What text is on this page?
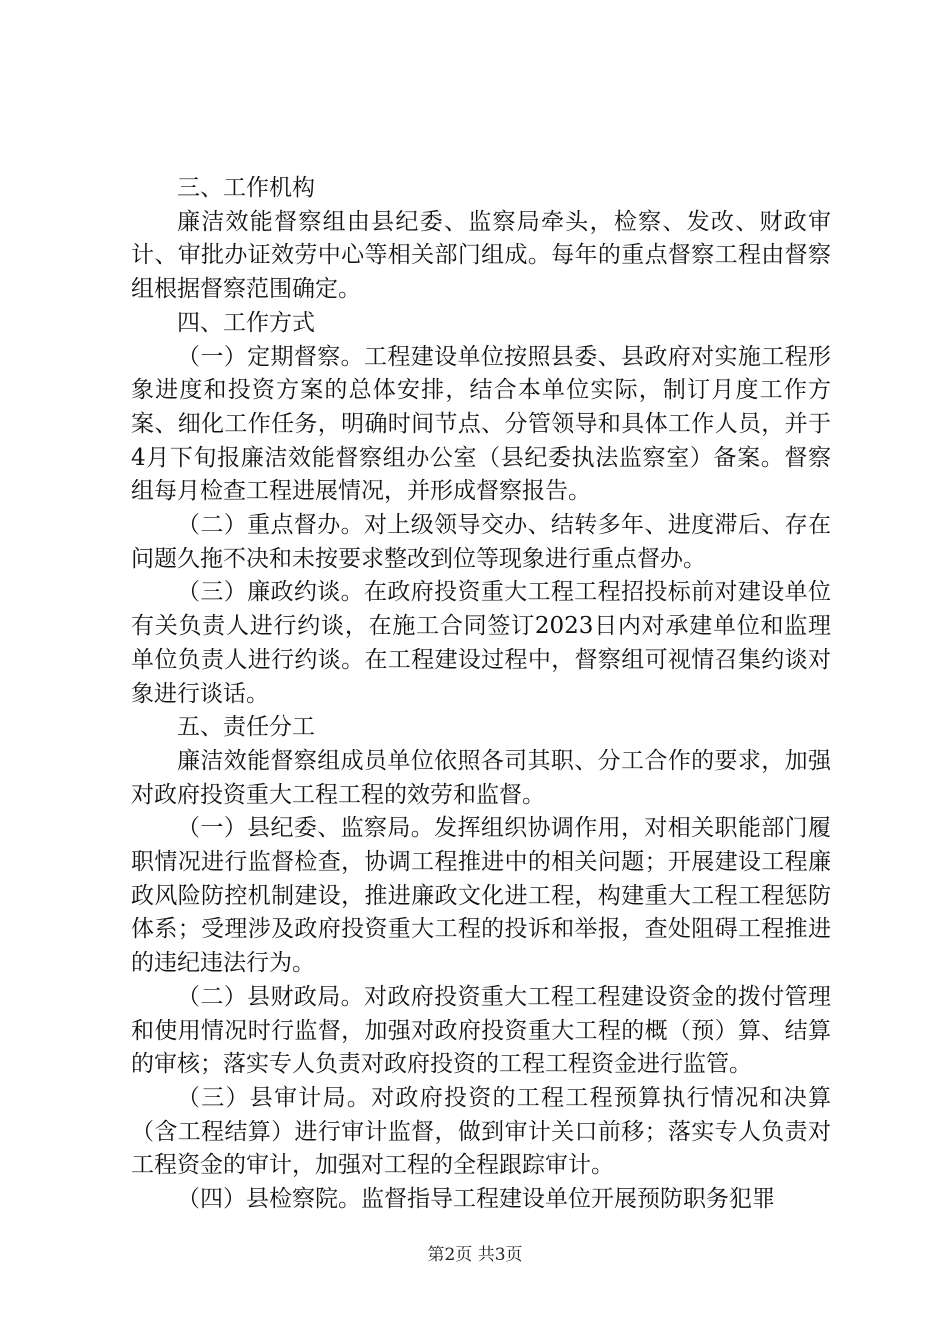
三、工作机构

廉洁效能督察组由县纪委、监察局牵头，检察、发改、财政审计、审批办证效劳中心等相关部门组成。每年的重点督察工程由督察组根据督察范围确定。

四、工作方式

（一）定期督察。工程建设单位按照县委、县政府对实施工程形象进度和投资方案的总体安排，结合本单位实际，制订月度工作方案、细化工作任务，明确时间节点、分管领导和具体工作人员，并于4月下旬报廉洁效能督察组办公室（县纪委执法监察室）备案。督察组每月检查工程进展情况，并形成督察报告。

（二）重点督办。对上级领导交办、结转多年、进度滞后、存在问题久拖不决和未按要求整改到位等现象进行重点督办。

（三）廉政约谈。在政府投资重大工程工程招投标前对建设单位有关负责人进行约谈，在施工合同签订2023日内对承建单位和监理单位负责人进行约谈。在工程建设过程中，督察组可视情召集约谈对象进行谈话。

五、责任分工

廉洁效能督察组成员单位依照各司其职、分工合作的要求，加强对政府投资重大工程工程的效劳和监督。

（一）县纪委、监察局。发挥组织协调作用，对相关职能部门履职情况进行监督检查，协调工程推进中的相关问题；开展建设工程廉政风险防控机制建设，推进廉政文化进工程，构建重大工程工程惩防体系；受理涉及政府投资重大工程的投诉和举报，查处阻碍工程推进的违纪违法行为。

（二）县财政局。对政府投资重大工程工程建设资金的拨付管理和使用情况时行监督，加强对政府投资重大工程的概（预）算、结算的审核；落实专人负责对政府投资的工程工程资金进行监管。

（三）县审计局。对政府投资的工程工程预算执行情况和决算（含工程结算）进行审计监督，做到审计关口前移；落实专人负责对工程资金的审计，加强对工程的全程跟踪审计。

（四）县检察院。监督指导工程建设单位开展预防职务犯罪

第2页 共3页
